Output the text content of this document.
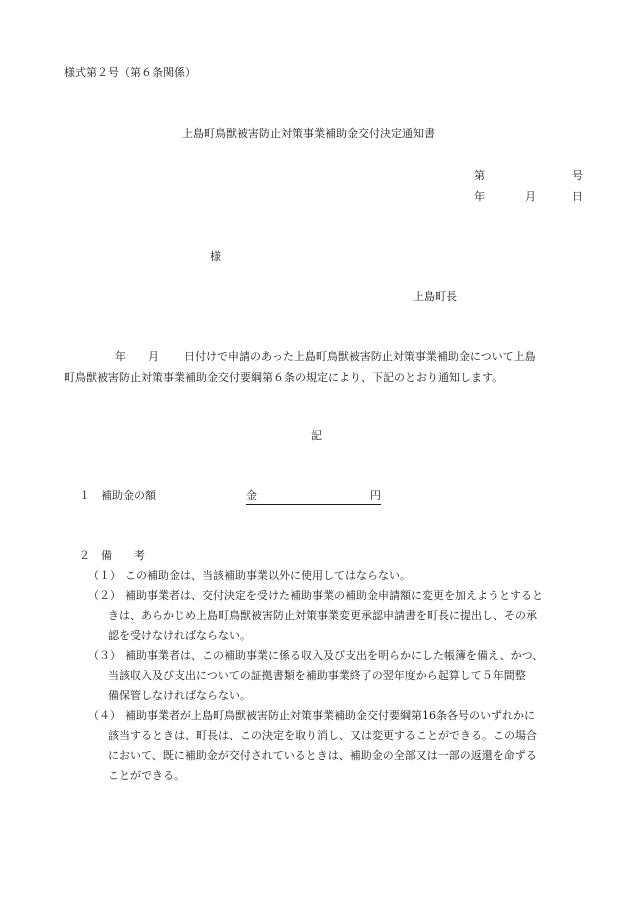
様式第２号（第６条関係）
上島町鳥獣被害防止対策事業補助金交付決定通知書
第	号
年	月	日
様
上島町長
年 月 日付けで申請のあった上島町鳥獣被害防止対策事業補助金について上島
町鳥獣被害防止対策事業補助金交付要綱第６条の規定により、下記のとおり通知します。
記
１　補助金の額	金	円
２　備　　考
（１） この補助金は、当該補助事業以外に使用してはならない。
（２） 補助事業者は、交付決定を受けた補助事業の補助金申請額に変更を加えようとすると
きは、あらかじめ上島町鳥獣被害防止対策事業変更承認申請書を町長に提出し、その承
認を受けなければならない。
（３） 補助事業者は、この補助事業に係る収入及び支出を明らかにした帳簿を備え、かつ、
当該収入及び支出についての証拠書類を補助事業終了の翌年度から起算して５年間整
備保管しなければならない。
（４） 補助事業者が上島町鳥獣被害防止対策事業補助金交付要綱第16条各号のいずれかに
該当するときは、町長は、この決定を取り消し、又は変更することができる。この場合
において、既に補助金が交付されているときは、補助金の全部又は一部の返還を命ずる
ことができる。
